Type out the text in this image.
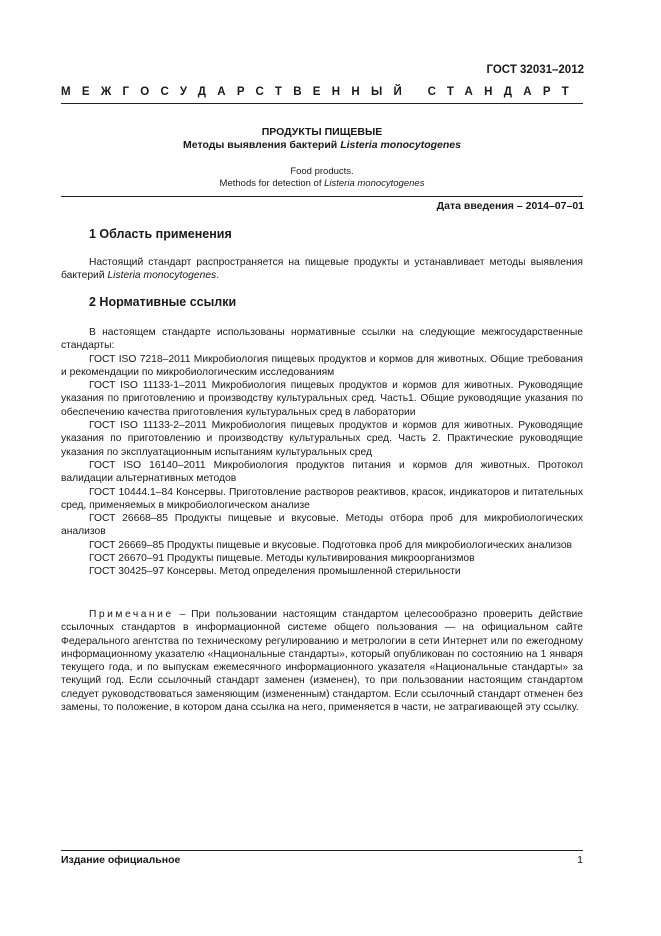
ГОСТ 32031–2012
МЕЖГОСУДАРСТВЕННЫЙ СТАНДАРТ
ПРОДУКТЫ ПИЩЕВЫЕ
Методы выявления бактерий Listeria monocytogenes
Food products.
Methods for detection of Listeria monocytogenes
Дата введения – 2014–07–01
1 Область применения

Настоящий стандарт распространяется на пищевые продукты и устанавливает методы выявления бактерий Listeria monocytogenes.

2 Нормативные ссылки

В настоящем стандарте использованы нормативные ссылки на следующие межгосударственные стандарты:

ГОСТ ISO 7218–2011 Микробиология пищевых продуктов и кормов для животных. Общие требования и рекомендации по микробиологическим исследованиям

ГОСТ ISO 11133-1–2011 Микробиология пищевых продуктов и кормов для животных. Руководящие указания по приготовлению и производству культуральных сред. Часть1. Общие руководящие указания по обеспечению качества приготовления культуральных сред в лаборатории

ГОСТ ISO 11133-2–2011 Микробиология пищевых продуктов и кормов для животных. Руководящие указания по приготовлению и производству культуральных сред. Часть 2. Практические руководящие указания по эксплуатационным испытаниям культуральных сред

ГОСТ ISO 16140–2011 Микробиология продуктов питания и кормов для животных. Протокол валидации альтернативных методов

ГОСТ 10444.1–84 Консервы. Приготовление растворов реактивов, красок, индикаторов и питательных сред, применяемых в микробиологическом анализе

ГОСТ 26668–85 Продукты пищевые и вкусовые. Методы отбора проб для микробиологических анализов

ГОСТ 26669–85 Продукты пищевые и вкусовые. Подготовка проб для микробиологических анализов

ГОСТ 26670–91 Продукты пищевые. Методы культивирования микроорганизмов

ГОСТ 30425–97 Консервы. Метод определения промышленной стерильности

Примечание – При пользовании настоящим стандартом целесообразно проверить действие ссылочных стандартов в информационной системе общего пользования — на официальном сайте Федерального агентства по техническому регулированию и метрологии в сети Интернет или по ежегодному информационному указателю «Национальные стандарты», который опубликован по состоянию на 1 января текущего года, и по выпускам ежемесячного информационного указателя «Национальные стандарты» за текущий год. Если ссылочный стандарт заменен (изменен), то при пользовании настоящим стандартом следует руководствоваться заменяющим (измененным) стандартом. Если ссылочный стандарт отменен без замены, то положение, в котором дана ссылка на него, применяется в части, не затрагивающей эту ссылку.

Издание официальное	1
